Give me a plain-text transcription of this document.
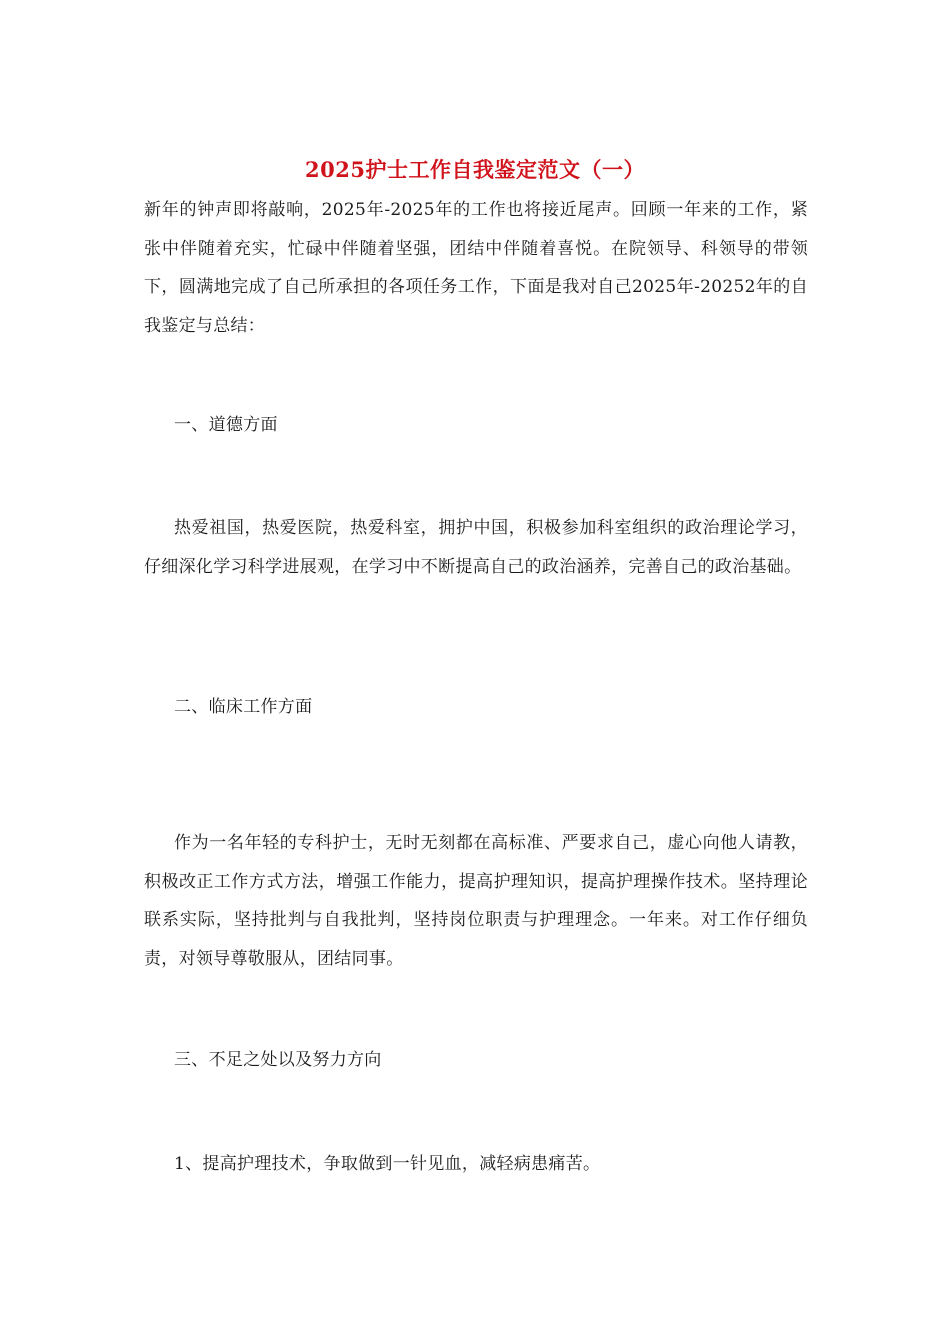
2025护士工作自我鉴定范文（一）

新年的钟声即将敲响，2025年-2025年的工作也将接近尾声。回顾一年来的工作，紧张中伴随着充实，忙碌中伴随着坚强，团结中伴随着喜悦。在院领导、科领导的带领下，圆满地完成了自己所承担的各项任务工作，下面是我对自己2025年-20252年的自我鉴定与总结：

一、道德方面

热爱祖国，热爱医院，热爱科室，拥护中国，积极参加科室组织的政治理论学习，仔细深化学习科学进展观，在学习中不断提高自己的政治涵养，完善自己的政治基础。

二、临床工作方面

作为一名年轻的专科护士，无时无刻都在高标准、严要求自己，虚心向他人请教，积极改正工作方式方法，增强工作能力，提高护理知识，提高护理操作技术。坚持理论联系实际，坚持批判与自我批判，坚持岗位职责与护理理念。一年来。对工作仔细负责，对领导尊敬服从，团结同事。

三、不足之处以及努力方向

1、提高护理技术，争取做到一针见血，减轻病患痛苦。
